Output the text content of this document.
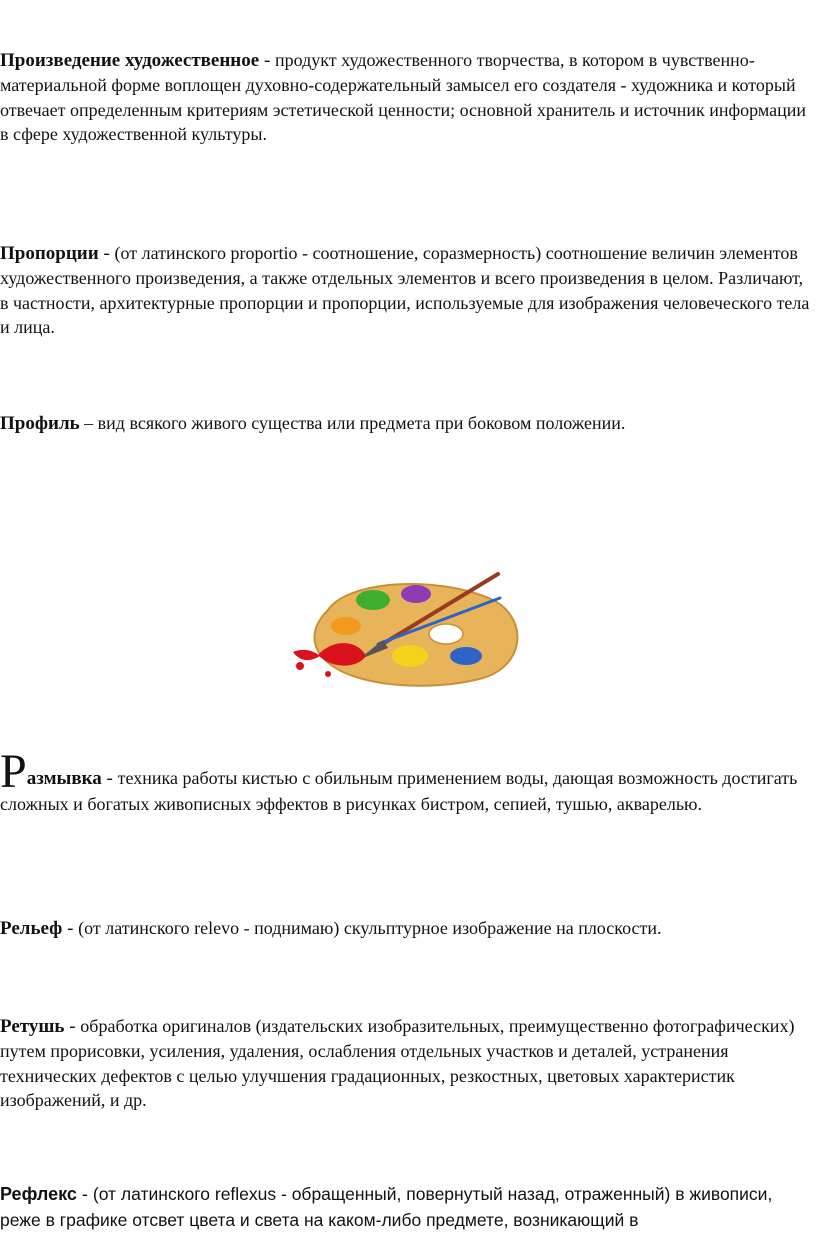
Произведение художественное - продукт художественного творчества, в котором в чувственно-материальной форме воплощен духовно-содержательный замысел его создателя - художника и который отвечает определенным критериям эстетической ценности; основной хранитель и источник информации в сфере художественной культуры.

Пропорции - (от латинского proportio - соотношение, соразмерность) соотношение величин элементов художественного произведения, а также отдельных элементов и всего произведения в целом. Различают, в частности, архитектурные пропорции и пропорции, используемые для изображения человеческого тела и лица.

Профиль – вид всякого живого существа или предмета при боковом положении.

Размывка - техника работы кистью с обильным применением воды, дающая возможность достигать сложных и богатых живописных эффектов в рисунках бистром, сепией, тушью, акварелью.

Рельеф - (от латинского relevo - поднимаю) скульптурное изображение на плоскости.

Ретушь - обработка оригиналов (издательских изобразительных, преимущественно фотографических) путем прорисовки, усиления, удаления, ослабления отдельных участков и деталей, устранения технических дефектов с целью улучшения градационных, резкостных, цветовых характеристик изображений, и др.

Рефлекс - (от латинского reflexus - обращенный, повернутый назад, отраженный) в живописи, реже в графике отсвет цвета и света на каком-либо предмете, возникающий в
